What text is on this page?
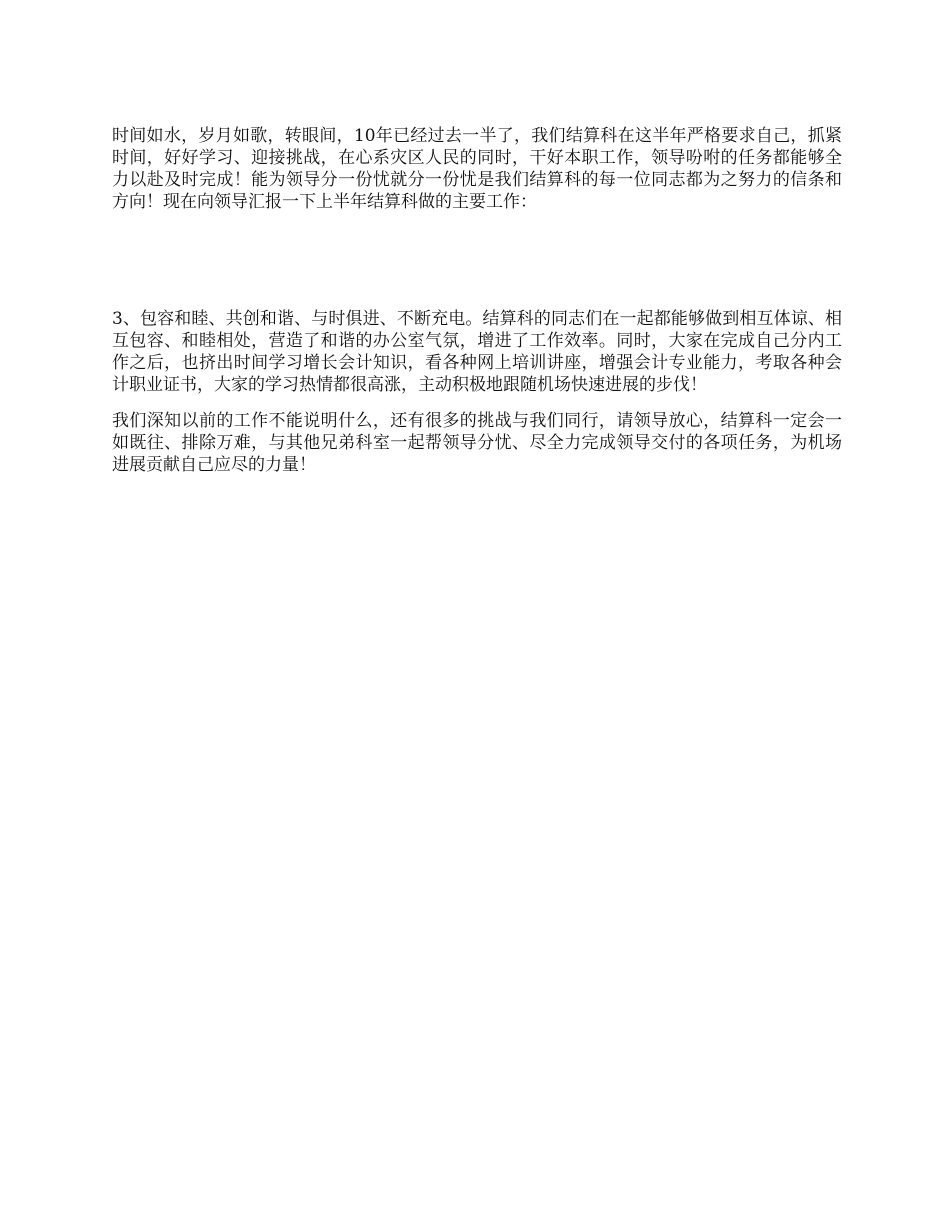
时间如水，岁月如歌，转眼间，10年已经过去一半了，我们结算科在这半年严格要求自己，抓紧时间，好好学习、迎接挑战，在心系灾区人民的同时，干好本职工作，领导吩咐的任务都能够全力以赴及时完成！能为领导分一份忧就分一份忧是我们结算科的每一位同志都为之努力的信条和方向！现在向领导汇报一下上半年结算科做的主要工作：

3、包容和睦、共创和谐、与时俱进、不断充电。结算科的同志们在一起都能够做到相互体谅、相互包容、和睦相处，营造了和谐的办公室气氛，增进了工作效率。同时，大家在完成自己分内工作之后，也挤出时间学习增长会计知识，看各种网上培训讲座，增强会计专业能力，考取各种会计职业证书，大家的学习热情都很高涨，主动积极地跟随机场快速进展的步伐！

我们深知以前的工作不能说明什么，还有很多的挑战与我们同行，请领导放心，结算科一定会一如既往、排除万难，与其他兄弟科室一起帮领导分忧、尽全力完成领导交付的各项任务，为机场进展贡献自己应尽的力量！
